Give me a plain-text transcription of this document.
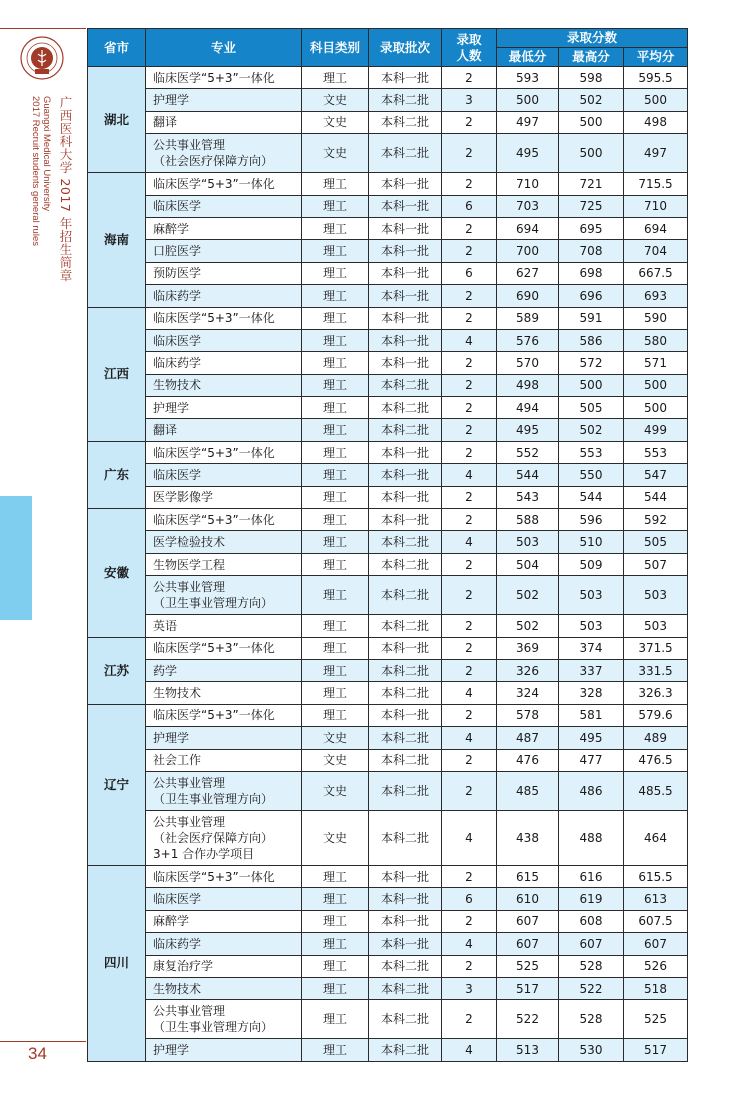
广西医科大学 2017 年招生简章
Guangxi Medical University
2017 Recruit students general rules
34
省市	专业	科目类别	录取批次	录取人数	录取分数		
					最低分	最高分	平均分
湖北	临床医学“5+3”一体化	理工	本科一批	2	593	598	595.5

	护理学	文史	本科二批	3	500	502	500

	翻译	文史	本科二批	2	497	500	498

	公共事业管理
（社会医疗保障方向）	文史	本科二批	2	495	500	497
海南	临床医学“5+3”一体化	理工	本科一批	2	710	721	715.5

	临床医学	理工	本科一批	6	703	725	710

	麻醉学	理工	本科一批	2	694	695	694

	口腔医学	理工	本科一批	2	700	708	704

	预防医学	理工	本科一批	6	627	698	667.5

	临床药学	理工	本科一批	2	690	696	693
江西	临床医学“5+3”一体化	理工	本科一批	2	589	591	590

	临床医学	理工	本科一批	4	576	586	580

	临床药学	理工	本科一批	2	570	572	571

	生物技术	理工	本科二批	2	498	500	500

	护理学	理工	本科二批	2	494	505	500

	翻译	理工	本科二批	2	495	502	499
广东	临床医学“5+3”一体化	理工	本科一批	2	552	553	553

	临床医学	理工	本科一批	4	544	550	547

	医学影像学	理工	本科一批	2	543	544	544
安徽	临床医学“5+3”一体化	理工	本科一批	2	588	596	592

	医学检验技术	理工	本科二批	4	503	510	505

	生物医学工程	理工	本科二批	2	504	509	507

	公共事业管理
（卫生事业管理方向）	理工	本科二批	2	502	503	503

	英语	理工	本科二批	2	502	503	503
江苏	临床医学“5+3”一体化	理工	本科一批	2	369	374	371.5

	药学	理工	本科二批	2	326	337	331.5

	生物技术	理工	本科二批	4	324	328	326.3
辽宁	临床医学“5+3”一体化	理工	本科一批	2	578	581	579.6

	护理学	文史	本科二批	4	487	495	489

	社会工作	文史	本科二批	2	476	477	476.5

	公共事业管理
（卫生事业管理方向）	文史	本科二批	2	485	486	485.5

	公共事业管理
（社会医疗保障方向）
3+1 合作办学项目	文史	本科二批	4	438	488	464
四川	临床医学“5+3”一体化	理工	本科一批	2	615	616	615.5

	临床医学	理工	本科一批	6	610	619	613

	麻醉学	理工	本科一批	2	607	608	607.5

	临床药学	理工	本科一批	4	607	607	607

	康复治疗学	理工	本科二批	2	525	528	526

	生物技术	理工	本科二批	3	517	522	518

	公共事业管理
（卫生事业管理方向）	理工	本科二批	2	522	528	525

	护理学	理工	本科二批	4	513	530	517
